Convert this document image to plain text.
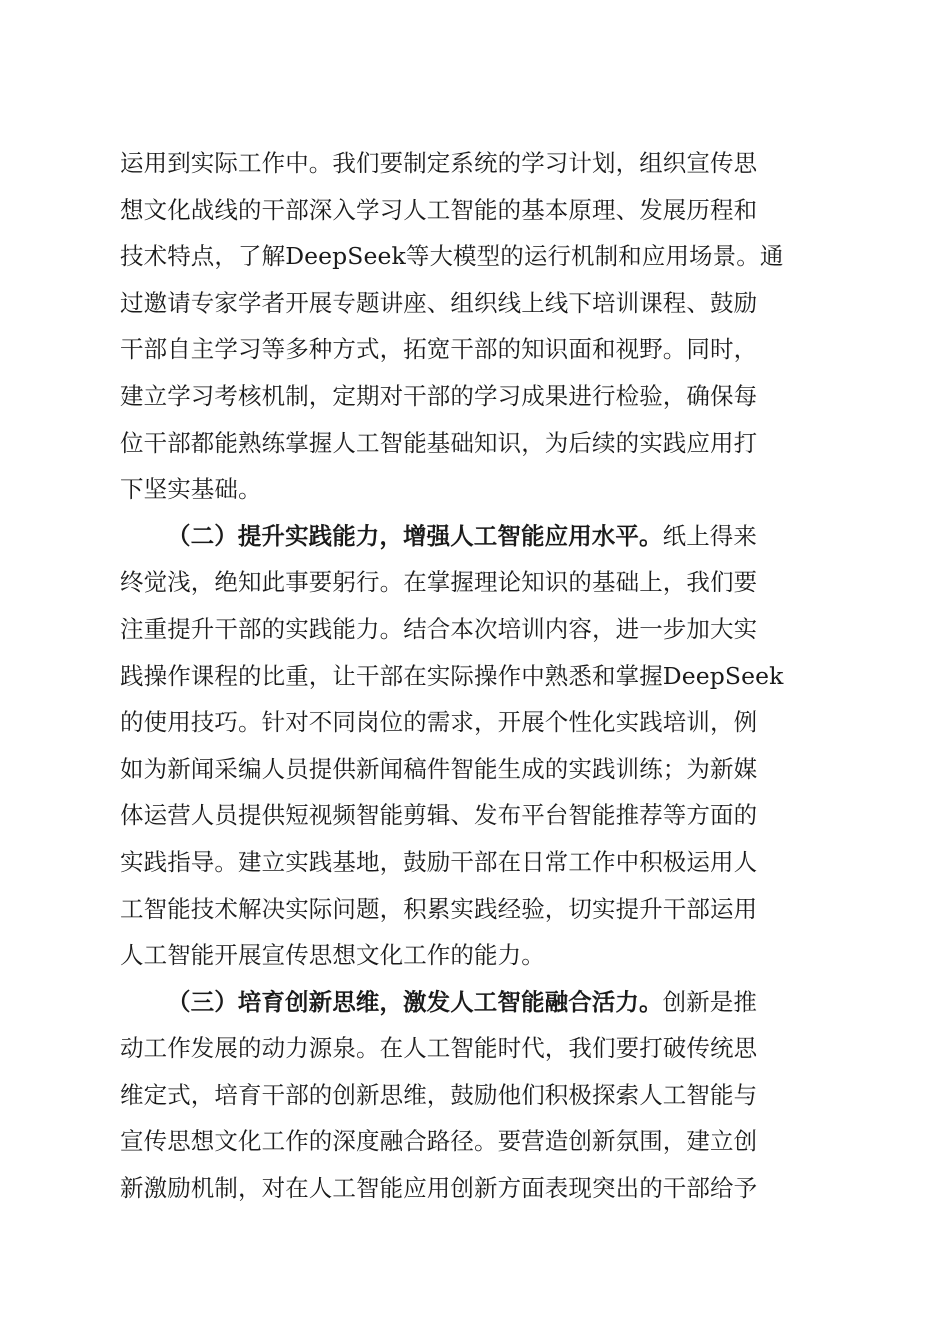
运用到实际工作中。我们要制定系统的学习计划，组织宣传思
想文化战线的干部深入学习人工智能的基本原理、发展历程和
技术特点，了解DeepSeek等大模型的运行机制和应用场景。通
过邀请专家学者开展专题讲座、组织线上线下培训课程、鼓励
干部自主学习等多种方式，拓宽干部的知识面和视野。同时，
建立学习考核机制，定期对干部的学习成果进行检验，确保每
位干部都能熟练掌握人工智能基础知识，为后续的实践应用打
下坚实基础。
（二）提升实践能力，增强人工智能应用水平。纸上得来
终觉浅，绝知此事要躬行。在掌握理论知识的基础上，我们要
注重提升干部的实践能力。结合本次培训内容，进一步加大实
践操作课程的比重，让干部在实际操作中熟悉和掌握DeepSeek
的使用技巧。针对不同岗位的需求，开展个性化实践培训，例
如为新闻采编人员提供新闻稿件智能生成的实践训练；为新媒
体运营人员提供短视频智能剪辑、发布平台智能推荐等方面的
实践指导。建立实践基地，鼓励干部在日常工作中积极运用人
工智能技术解决实际问题，积累实践经验，切实提升干部运用
人工智能开展宣传思想文化工作的能力。
（三）培育创新思维，激发人工智能融合活力。创新是推
动工作发展的动力源泉。在人工智能时代，我们要打破传统思
维定式，培育干部的创新思维，鼓励他们积极探索人工智能与
宣传思想文化工作的深度融合路径。要营造创新氛围，建立创
新激励机制，对在人工智能应用创新方面表现突出的干部给予
